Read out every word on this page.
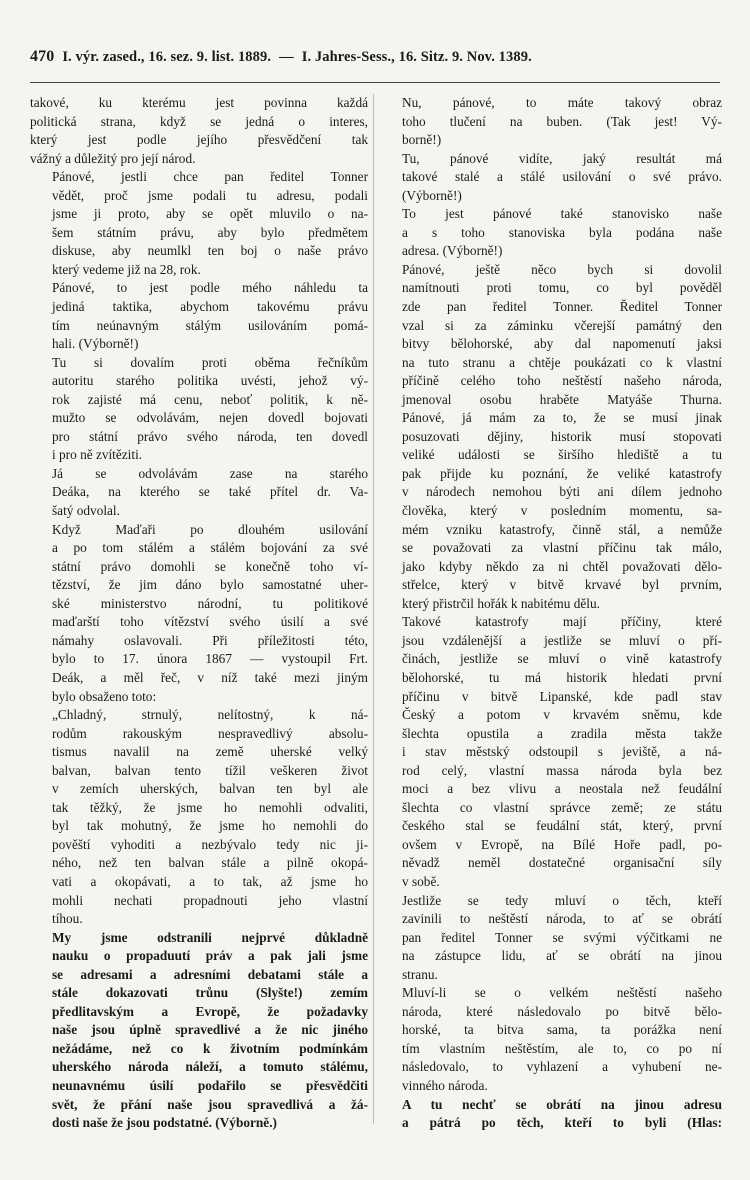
470 I. výr. zased., 16. sez. 9. list. 1889. — I. Jahres-Sess., 16. Sitz. 9. Nov. 1389.

takové, ku kterému jest povinna každá
politická strana, když se jedná o interes,
který jest podle jejího přesvědčení tak
vážný a důležitý pro její národ.

Pánové, jestli chce pan ředitel Tonner
vědět, proč jsme podali tu adresu, podali
jsme ji proto, aby se opět mluvilo o na-
šem státním právu, aby bylo předmětem
diskuse, aby neumlkl ten boj o naše právo
který vedeme již na 28, rok.

Pánové, to jest podle mého náhledu ta
jediná taktika, abychom takovému právu
tím neúnavným stálým usilováním pomá-
hali. (Výborně!)

Tu si dovalím proti oběma řečníkům
autoritu starého politika uvésti, jehož vý-
rok zajisté má cenu, neboť politik, k ně-
mužto se odvolávám, nejen dovedl bojovati
pro státní právo svého národa, ten dovedl
i pro ně zvítěziti.

Já se odvolávám zase na starého
Deáka, na kterého se také přítel dr. Va-
šatý odvolal.

Když Maďaři po dlouhém usilování
a po tom stálém a stálém bojování za své
státní právo domohli se konečně toho ví-
tězství, že jim dáno bylo samostatné uher-
ské ministerstvo národní, tu politikové
maďarští toho vítězství svého úsilí a své
námahy oslavovali. Při příležitosti této,
bylo to 17. února 1867 — vystoupil Frt.
Deák, a měl řeč, v níž také mezi jiným
bylo obsaženo toto:

„Chladný, strnulý, nelítostný, k ná-
rodům rakouským nespravedlivý absolu-
tismus navalil na země uherské velký
balvan, balvan tento tížil veškeren život
v zemích uherských, balvan ten byl ale
tak těžký, že jsme ho nemohli odvaliti,
byl tak mohutný, že jsme ho nemohli do
pověští vyhoditi a nezbývalo tedy nic ji-
ného, než ten balvan stále a pilně okopá-
vati a okopávati, a to tak, až jsme ho
mohli nechati propadnouti jeho vlastní
tíhou.

My jsme odstranili nejprvé důkladně
nauku o propaduutí práv a pak jali jsme
se adresami a adresními debatami stále a
stále dokazovati trůnu (Slyšte!) zemím
předlitavským a Evropě, že požadavky
naše jsou úplně spravedlivé a že nic jiného
nežádáme, než co k životním podmínkám
uherského národa náleží, a tomuto stálému,
neunavnému úsilí podařilo se přesvědčiti
svět, že přání naše jsou spravedlivá a žá-
dosti naše že jsou podstatné. (Výborně.)

Nu, pánové, to máte takový obraz
toho tlučení na buben. (Tak jest! Vý-
borně!)

Tu, pánové vidíte, jaký resultát má
takové stalé a stálé usilování o své právo.
(Výborně!)

To jest pánové také stanovisko naše
a s toho stanoviska byla podána naše
adresa. (Výborně!)

Pánové, ještě něco bych si dovolil
namítnouti proti tomu, co byl pověděl
zde pan ředitel Tonner. Ředitel Tonner
vzal si za záminku včerejší památný den
bitvy bělohorské, aby dal napomenutí jaksi
na tuto stranu a chtěje poukázati co k vlastní
příčině celého toho neštěstí našeho národa,
jmenoval osobu hraběte Matyáše Thurna.
Pánové, já mám za to, že se musí jinak
posuzovati dějiny, historik musí stopovati
veliké události se širšího hlediště a tu
pak přijde ku poznání, že veliké katastrofy
v národech nemohou býti ani dílem jednoho
člověka, který v posledním momentu, sa-
mém vzniku katastrofy, činně stál, a nemůže
se považovati za vlastní příčinu tak málo,
jako kdyby někdo za ni chtěl považovati dělo-
střelce, který v bitvě krvavé byl prvním,
který přistrčil hořák k nabitému dělu.

Takové katastrofy mají příčiny, které
jsou vzdálenější a jestliže se mluví o pří-
činách, jestliže se mluví o vině katastrofy
bělohorské, tu má historik hledati první
příčinu v bitvě Lipanské, kde padl stav
Český a potom v krvavém sněmu, kde
šlechta opustila a zradila města takže
i stav městský odstoupil s jeviště, a ná-
rod celý, vlastní massa národa byla bez
moci a bez vlivu a neostala než feudální
šlechta co vlastní správce země; ze státu
českého stal se feudální stát, který, první
ovšem v Evropě, na Bílé Hoře padl, po-
něvadž neměl dostatečné organisační síly
v sobě.

Jestliže se tedy mluví o těch, kteří
zavinili to neštěstí národa, to ať se obrátí
pan ředitel Tonner se svými výčitkami ne
na zástupce lidu, ať se obrátí na jinou
stranu.

Mluví-li se o velkém neštěstí našeho
národa, které následovalo po bitvě bělo-
horské, ta bitva sama, ta porážka není
tím vlastním neštěstím, ale to, co po ní
následovalo, to vyhlazení a vyhubení ne-
vinného národa.

A tu nechť se obrátí na jinou adresu
a pátrá po těch, kteří to byli (Hlas:
